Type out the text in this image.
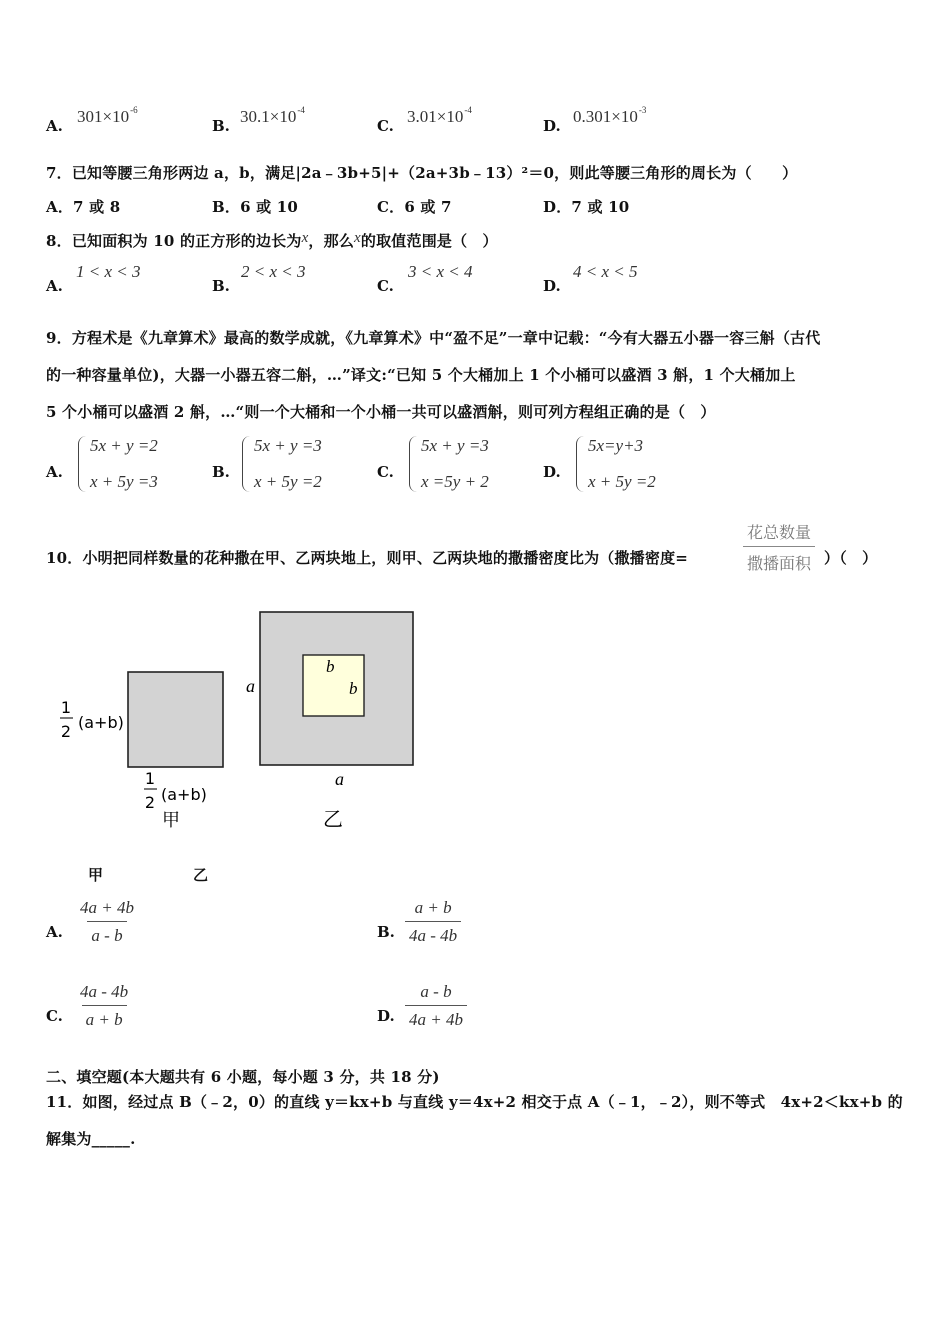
A. $301\times 10^{-6}$
B. $30.1\times 10^{-4}$
C. $3.01\times 10^{-4}$
D. $0.301\times 10^{-3}$
7．已知等腰三角形两边 a，b，满足|2a﹣3b+5|+（2a+3b﹣13）²＝0，则此等腰三角形的周长为（　　）
A．7 或 8	B．6 或 10	C．6 或 7	D．7 或 10
8．已知面积为 10 的正方形的边长为x，那么x的取值范围是（　）
A.
1 < x < 3
B.
2 < x < 3
C.
3 < x < 4
D.
4 < x < 5
9．方程术是《九章算术》最高的数学成就，《九章算术》中“盈不足”一章中记载：“今有大器五小器一容三斛（古代
的一种容量单位)，大器一小器五容二斛，…”译文:“已知 5 个大桶加上 1 个小桶可以盛酒 3 斛，1 个大桶加上
5 个小桶可以盛酒 2 斛，…“则一个大桶和一个小桶一共可以盛酒斛，则可列方程组正确的是（　）
A.
5x + y =2
x + 5y =3	B.
5x + y =3
x + 5y =2	C.
5x + y =3
x =5y + 2	D.
5x=y+3
x + 5y =2
10．小明把同样数量的花种撒在甲、乙两块地上，则甲、乙两块地的撒播密度比为（撒播密度=
花总数量
撒播面积 ）（　）
1
2 (a+b)
1
2 (a+b)
甲
a
a
b
b
乙
甲	乙
A. $\frac{4a + 4b}{a - b}$	B. $\frac{a + b}{4a - 4b}$
C. $\frac{4a - 4b}{a + b}$	D. $\frac{a - b}{4a + 4b}$
二、填空题(本大题共有 6 小题，每小题 3 分，共 18 分)
11．如图，经过点 B（﹣2，0）的直线 y＝kx+b 与直线 y＝4x+2 相交于点 A（﹣1，﹣2），则不等式　4x+2＜kx+b 的
解集为_____.
